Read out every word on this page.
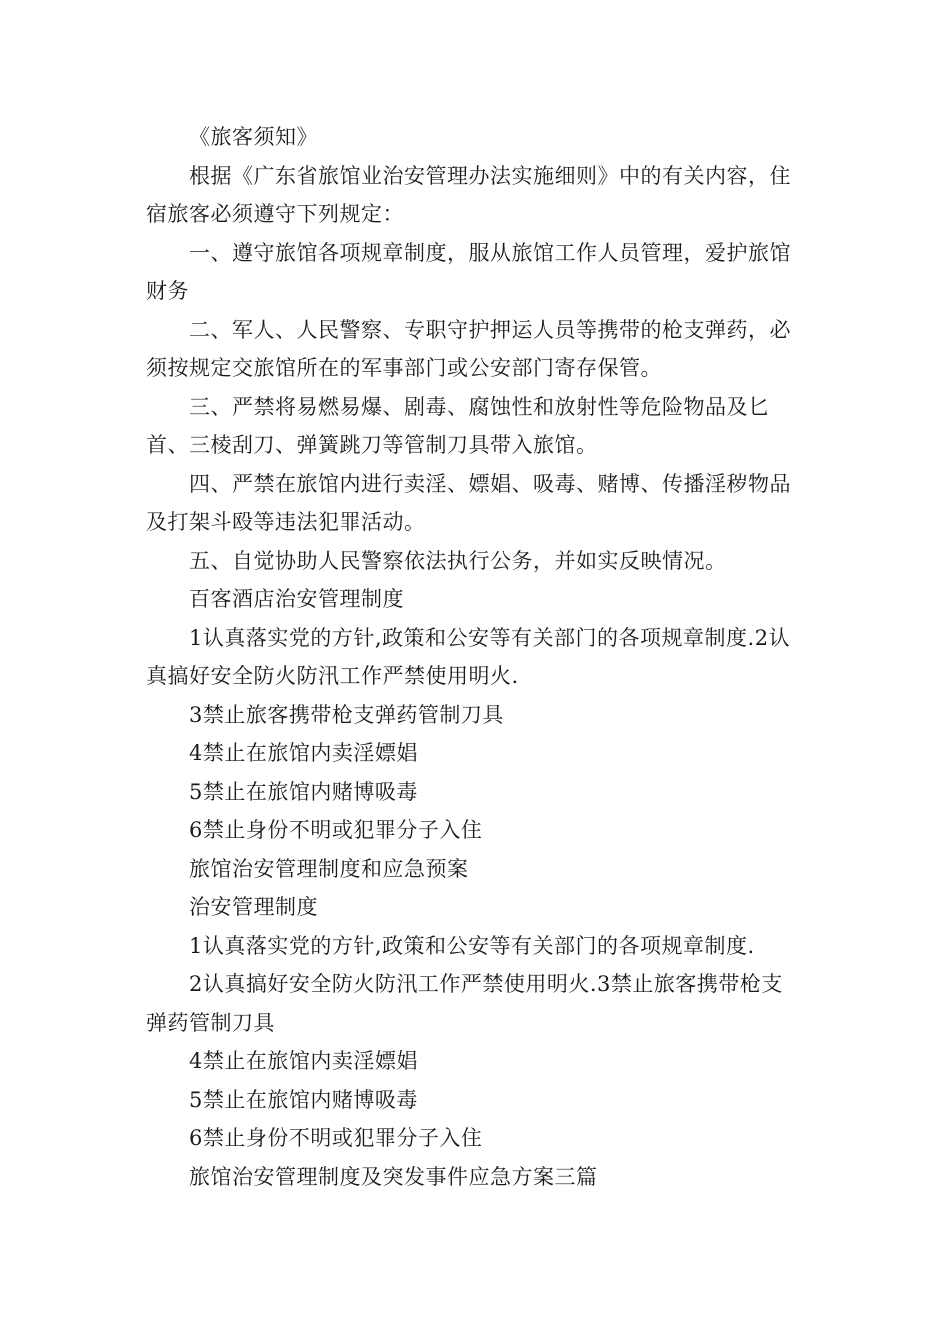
《旅客须知》

根据《广东省旅馆业治安管理办法实施细则》中的有关内容，住宿旅客必须遵守下列规定：

一、遵守旅馆各项规章制度，服从旅馆工作人员管理，爱护旅馆财务

二、军人、人民警察、专职守护押运人员等携带的枪支弹药，必须按规定交旅馆所在的军事部门或公安部门寄存保管。

三、严禁将易燃易爆、剧毒、腐蚀性和放射性等危险物品及匕首、三棱刮刀、弹簧跳刀等管制刀具带入旅馆。

四、严禁在旅馆内进行卖淫、嫖娼、吸毒、赌博、传播淫秽物品及打架斗殴等违法犯罪活动。

五、自觉协助人民警察依法执行公务，并如实反映情况。

百客酒店治安管理制度

1认真落实党的方针,政策和公安等有关部门的各项规章制度.2认真搞好安全防火防汛工作严禁使用明火.

3禁止旅客携带枪支弹药管制刀具

4禁止在旅馆内卖淫嫖娼

5禁止在旅馆内赌博吸毒

6禁止身份不明或犯罪分子入住

旅馆治安管理制度和应急预案

治安管理制度

1认真落实党的方针,政策和公安等有关部门的各项规章制度.

2认真搞好安全防火防汛工作严禁使用明火.3禁止旅客携带枪支弹药管制刀具

4禁止在旅馆内卖淫嫖娼

5禁止在旅馆内赌博吸毒

6禁止身份不明或犯罪分子入住

旅馆治安管理制度及突发事件应急方案三篇
